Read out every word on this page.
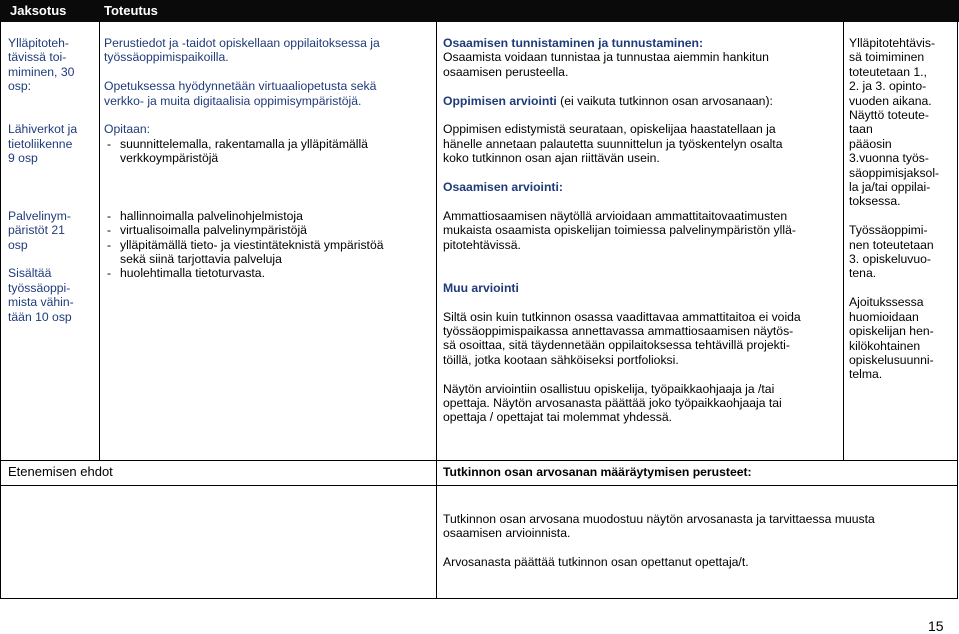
Jaksotus	Toteutus
Ylläpitoteh-
tävissä toi-
miminen, 30
osp:
Lähiverkot ja
tietoliikenne
9 osp
Palvelinym-
päristöt 21
osp
Sisältää
työssäoppi-
mista vähin-
tään 10 osp
Perustiedot ja -taidot opiskellaan oppilaitoksessa ja
työssäoppimispaikoilla.
Opetuksessa hyödynnetään virtuaaliopetusta sekä
verkko- ja muita digitaalisia oppimisympäristöjä.
Opitaan:
- suunnittelemalla, rakentamalla ja ylläpitämällä
verkkoympäristöjä
- hallinnoimalla palvelinohjelmistoja
- virtualisoimalla palvelinympäristöjä
- ylläpitämällä tieto- ja viestintäteknistä ympäristöä
sekä siinä tarjottavia palveluja
- huolehtimalla tietoturvasta.
Osaamisen tunnistaminen ja tunnustaminen:
Osaamista voidaan tunnistaa ja tunnustaa aiemmin hankitun
osaamisen perusteella.
Oppimisen arviointi (ei vaikuta tutkinnon osan arvosanaan):
Oppimisen edistymistä seurataan, opiskelijaa haastatellaan ja
hänelle annetaan palautetta suunnittelun ja työskentelyn osalta
koko tutkinnon osan ajan riittävän usein.
Osaamisen arviointi:
Ammattiosaamisen näytöllä arvioidaan ammattitaitovaatimusten
mukaista osaamista opiskelijan toimiessa palvelinympäristön yllä-
pitotehtävissä.
Muu arviointi
Siltä osin kuin tutkinnon osassa vaadittavaa ammattitaitoa ei voida
työssäoppimispaikassa annettavassa ammattiosaamisen näytös-
sä osoittaa, sitä täydennetään oppilaitoksessa tehtävillä projekti-
töillä, jotka kootaan sähköiseksi portfolioksi.
Näytön arviointiin osallistuu opiskelija, työpaikkaohjaaja ja /tai
opettaja. Näytön arvosanasta päättää joko työpaikkaohjaaja tai
opettaja / opettajat tai molemmat yhdessä.
Ylläpitotehtävis-
sä toimiminen
toteutetaan 1.,
2. ja 3. opinto-
vuoden aikana.
Näyttö toteute-
taan
pääosin
3.vuonna työs-
säoppimisjaksol-
la ja/tai oppilai-
toksessa.
Työssäoppimi-
nen toteutetaan
3. opiskeluvuo-
tena.
Ajoitukssessa
huomioidaan
opiskelijan hen-
kilökohtainen
opiskelusuunni-
telma.
Etenemisen ehdot	Tutkinnon osan arvosanan määräytymisen perusteet:
Tutkinnon osan arvosana muodostuu näytön arvosanasta ja tarvittaessa muusta
osaamisen arvioinnista.
Arvosanasta päättää tutkinnon osan opettanut opettaja/t.
15
